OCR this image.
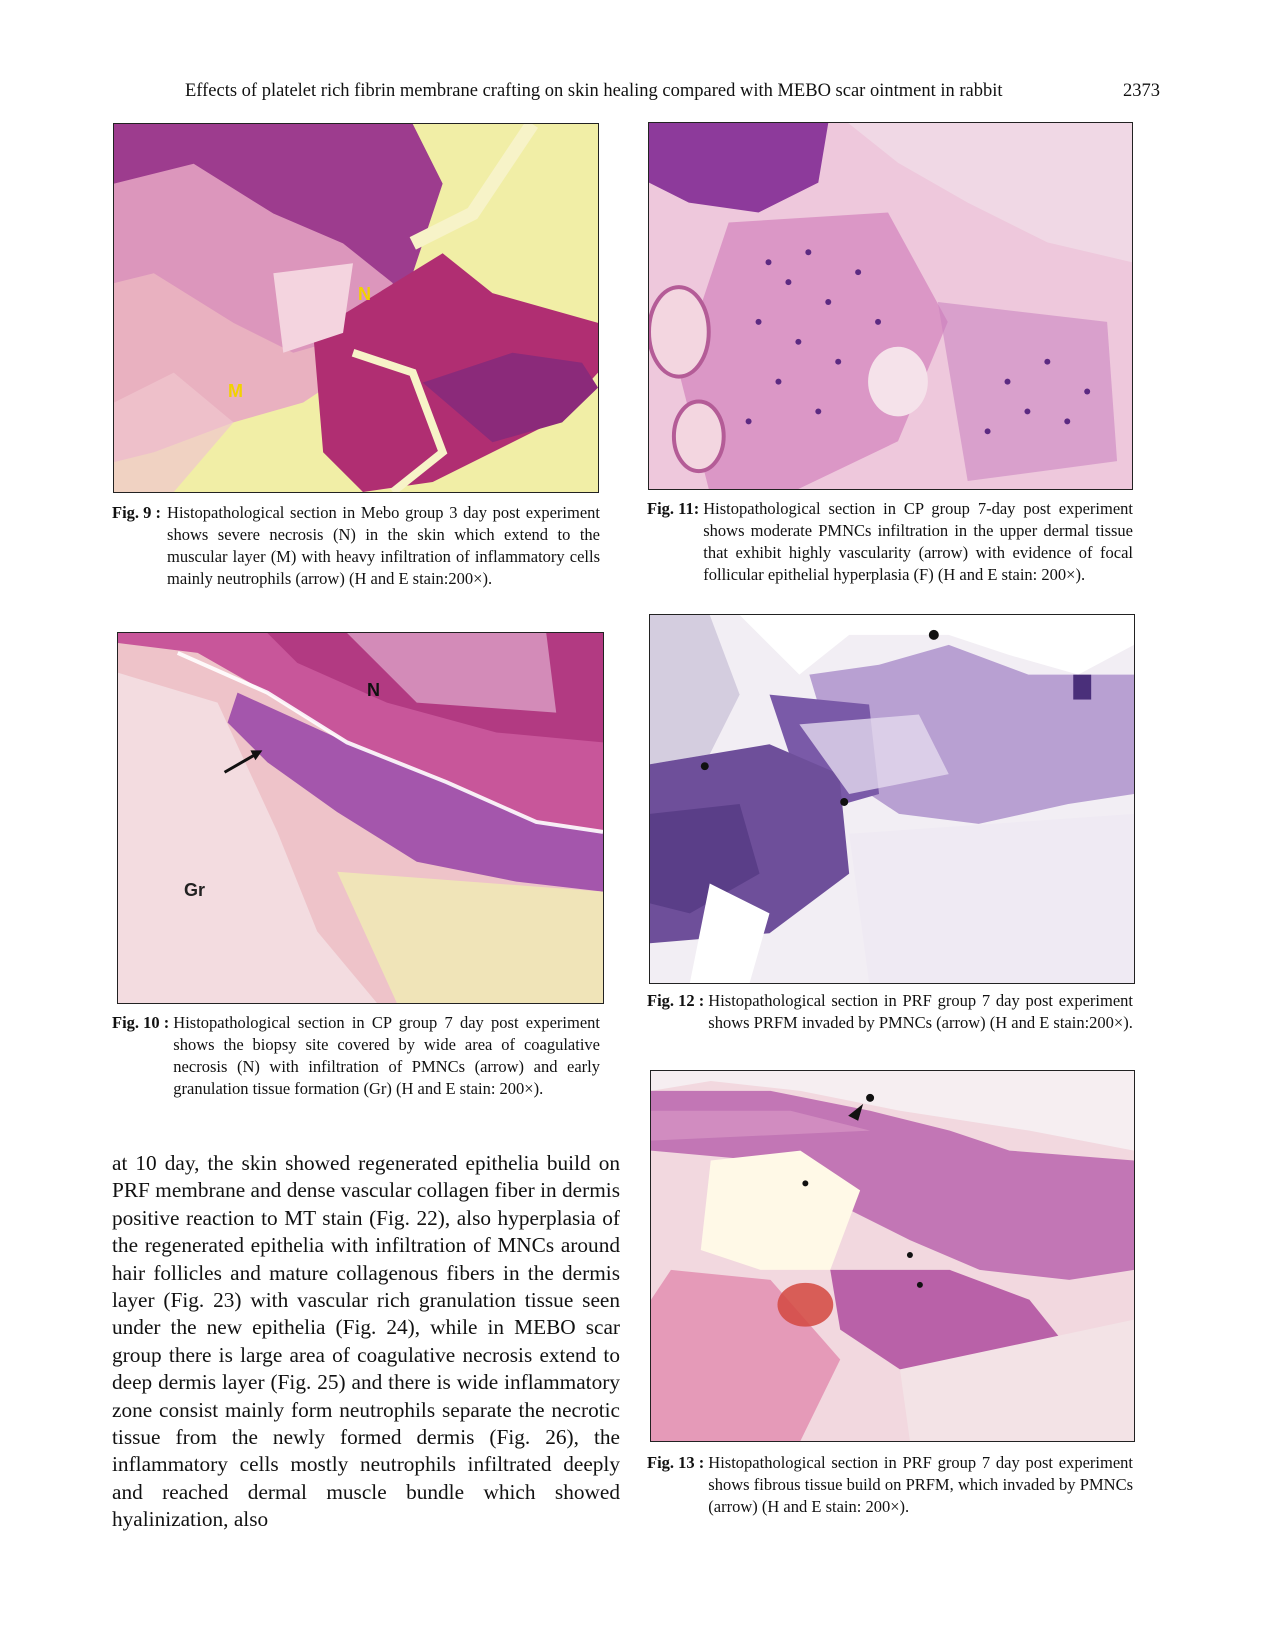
Effects of platelet rich fibrin membrane crafting on skin healing compared with MEBO scar ointment in rabbit	2373
N
M
Fig. 9 : Histopathological section in Mebo group 3 day post experiment shows severe necrosis (N) in the skin which extend to the muscular layer (M) with heavy infiltration of inflammatory cells mainly neutrophils (arrow) (H and E stain:200×).
N
Gr
Fig. 10 : Histopathological section in CP group 7 day post experiment shows the biopsy site covered by wide area of coagulative necrosis (N) with infiltration of PMNCs (arrow) and early granulation tissue formation (Gr) (H and E stain: 200×).
Fig. 11: Histopathological section in CP group 7-day post experiment shows moderate PMNCs infiltration in the upper dermal tissue that exhibit highly vascularity (arrow) with evidence of focal follicular epithelial hyperplasia (F) (H and E stain: 200×).
Fig. 12 : Histopathological section in PRF group 7 day post experiment shows PRFM invaded by PMNCs (arrow) (H and E stain:200×).
Fig. 13 : Histopathological section in PRF group 7 day post experiment shows fibrous tissue build on PRFM, which invaded by PMNCs (arrow) (H and E stain: 200×).
at 10 day, the skin showed regenerated epithelia build on PRF membrane and dense vascular collagen fiber in dermis positive reaction to MT stain (Fig. 22), also hyperplasia of the regenerated epithelia with infiltration of MNCs around hair follicles and mature collagenous fibers in the dermis layer (Fig. 23) with vascular rich granulation tissue seen under the new epithelia (Fig. 24), while in MEBO scar group there is large area of coagulative necrosis extend to deep dermis layer (Fig. 25) and there is wide inflammatory zone consist mainly form neutrophils separate the necrotic tissue from the newly formed dermis (Fig. 26), the inflammatory cells mostly neutrophils infiltrated deeply and reached dermal muscle bundle which showed hyalinization, also
